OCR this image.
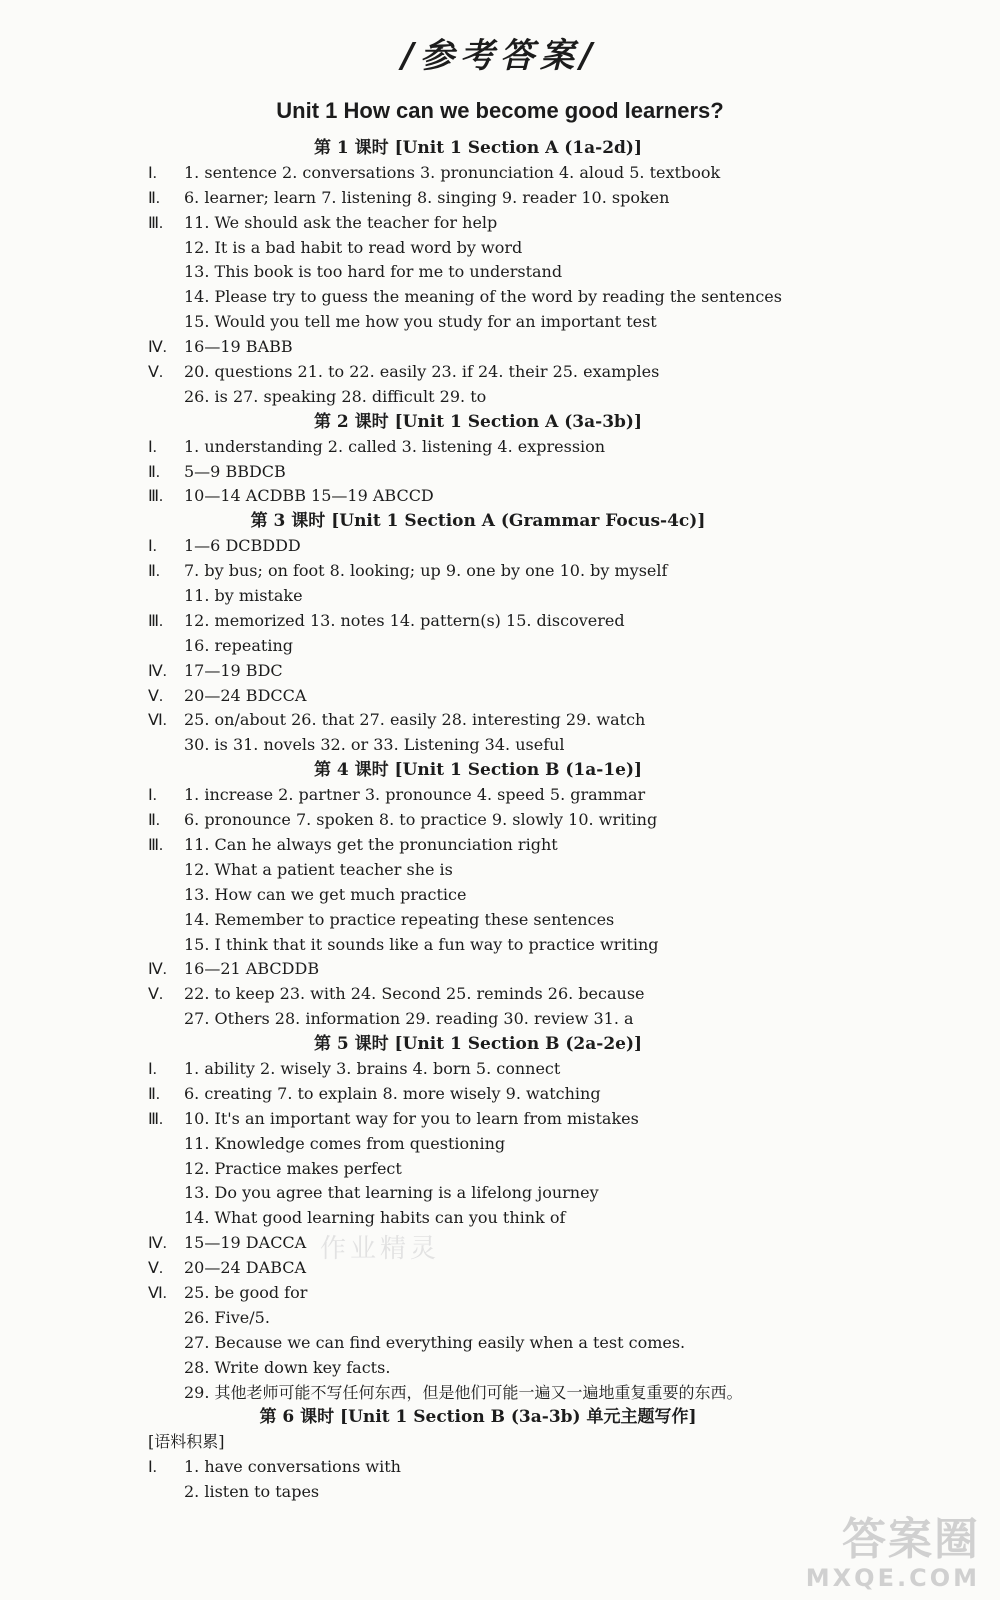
/参考答案/
Unit 1 How can we become good learners?
第 1 课时 [Unit 1 Section A (1a-2d)]
Ⅰ. 1. sentence 2. conversations 3. pronunciation 4. aloud 5. textbook
Ⅱ. 6. learner; learn 7. listening 8. singing 9. reader 10. spoken
Ⅲ. 11. We should ask the teacher for help
12. It is a bad habit to read word by word
13. This book is too hard for me to understand
14. Please try to guess the meaning of the word by reading the sentences
15. Would you tell me how you study for an important test
Ⅳ. 16—19 BABB
Ⅴ. 20. questions 21. to 22. easily 23. if 24. their 25. examples
26. is 27. speaking 28. difficult 29. to
第 2 课时 [Unit 1 Section A (3a-3b)]
Ⅰ. 1. understanding 2. called 3. listening 4. expression
Ⅱ. 5—9 BBDCB
Ⅲ. 10—14 ACDBB 15—19 ABCCD
第 3 课时 [Unit 1 Section A (Grammar Focus-4c)]
Ⅰ. 1—6 DCBDDD
Ⅱ. 7. by bus; on foot 8. looking; up 9. one by one 10. by myself
11. by mistake
Ⅲ. 12. memorized 13. notes 14. pattern(s) 15. discovered
16. repeating
Ⅳ. 17—19 BDC
Ⅴ. 20—24 BDCCA
Ⅵ. 25. on/about 26. that 27. easily 28. interesting 29. watch
30. is 31. novels 32. or 33. Listening 34. useful
第 4 课时 [Unit 1 Section B (1a-1e)]
Ⅰ. 1. increase 2. partner 3. pronounce 4. speed 5. grammar
Ⅱ. 6. pronounce 7. spoken 8. to practice 9. slowly 10. writing
Ⅲ. 11. Can he always get the pronunciation right
12. What a patient teacher she is
13. How can we get much practice
14. Remember to practice repeating these sentences
15. I think that it sounds like a fun way to practice writing
Ⅳ. 16—21 ABCDDB
Ⅴ. 22. to keep 23. with 24. Second 25. reminds 26. because
27. Others 28. information 29. reading 30. review 31. a
第 5 课时 [Unit 1 Section B (2a-2e)]
Ⅰ. 1. ability 2. wisely 3. brains 4. born 5. connect
Ⅱ. 6. creating 7. to explain 8. more wisely 9. watching
Ⅲ. 10. It's an important way for you to learn from mistakes
11. Knowledge comes from questioning
12. Practice makes perfect
13. Do you agree that learning is a lifelong journey
14. What good learning habits can you think of
Ⅳ. 15—19 DACCA
Ⅴ. 20—24 DABCA
Ⅵ. 25. be good for
26. Five/5.
27. Because we can find everything easily when a test comes.
28. Write down key facts.
29. 其他老师可能不写任何东西，但是他们可能一遍又一遍地重复重要的东西。
第 6 课时 [Unit 1 Section B (3a-3b) 单元主题写作]
[语料积累]
Ⅰ. 1. have conversations with
2. listen to tapes
作业精灵
答案圈
MXQE.COM
